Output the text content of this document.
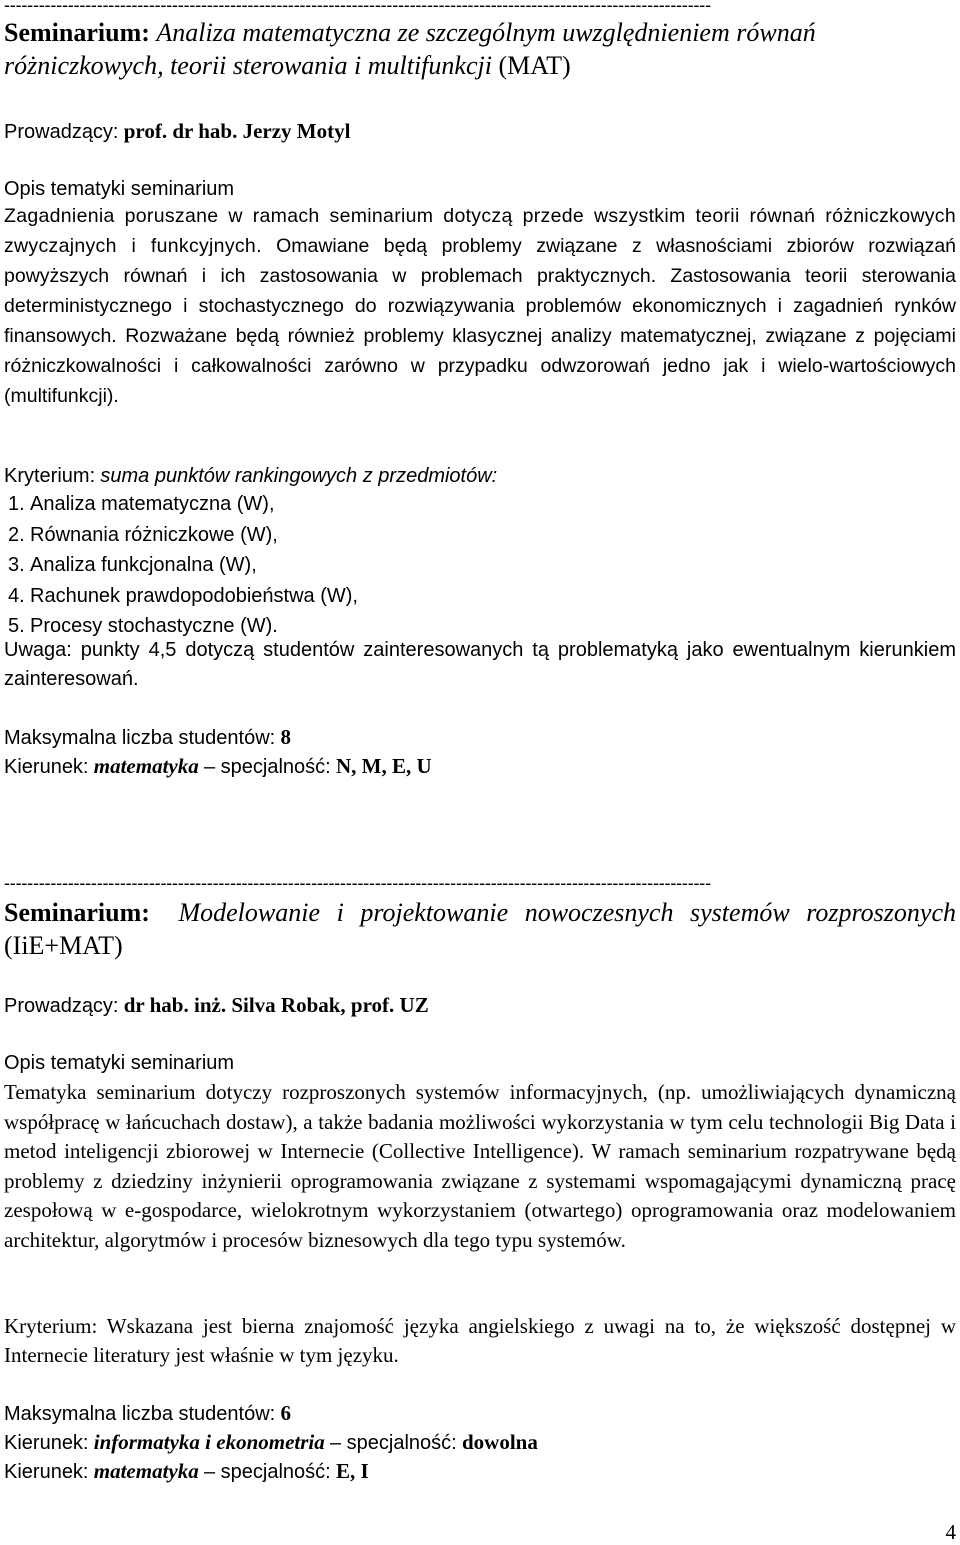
--------------------------------------------------------------------------------------------------------------------------
Seminarium: Analiza matematyczna ze szczególnym uwzględnieniem równań różniczkowych, teorii sterowania i multifunkcji (MAT)
Prowadzący: prof. dr hab. Jerzy Motyl
Opis tematyki seminarium

Zagadnienia poruszane w ramach seminarium dotyczą przede wszystkim teorii równań różniczkowych zwyczajnych i funkcyjnych. Omawiane będą problemy związane z własnościami zbiorów rozwiązań powyższych równań i ich zastosowania w problemach praktycznych. Zastosowania teorii sterowania deterministycznego i stochastycznego do rozwiązywania problemów ekonomicznych i zagadnień rynków finansowych. Rozważane będą również problemy klasycznej analizy matematycznej, związane z pojęciami różniczkowalności i całkowalności zarówno w przypadku odwzorowań jedno jak i wielo-wartościowych (multifunkcji).

Kryterium: suma punktów rankingowych z przedmiotów:
1. Analiza matematyczna (W),
2. Równania różniczkowe (W),
3. Analiza funkcjonalna (W),
4. Rachunek prawdopodobieństwa (W),
5. Procesy stochastyczne (W).

Uwaga: punkty 4,5 dotyczą studentów zainteresowanych tą problematyką jako ewentualnym kierunkiem zainteresowań.

Maksymalna liczba studentów: 8
Kierunek: matematyka – specjalność: N, M, E, U
--------------------------------------------------------------------------------------------------------------------------
Seminarium: Modelowanie i projektowanie nowoczesnych systemów rozproszonych (IiE+MAT)
Prowadzący: dr hab. inż. Silva Robak, prof. UZ
Opis tematyki seminarium

Tematyka seminarium dotyczy rozproszonych systemów informacyjnych, (np. umożliwiających dynamiczną współpracę w łańcuchach dostaw), a także badania możliwości wykorzystania w tym celu technologii Big Data i metod inteligencji zbiorowej w Internecie (Collective Intelligence). W ramach seminarium rozpatrywane będą problemy z dziedziny inżynierii oprogramowania związane z systemami wspomagającymi dynamiczną pracę zespołową w e-gospodarce, wielokrotnym wykorzystaniem (otwartego) oprogramowania oraz modelowaniem architektur, algorytmów i procesów biznesowych dla tego typu systemów.

Kryterium: Wskazana jest bierna znajomość języka angielskiego z uwagi na to, że większość dostępnej w Internecie literatury jest właśnie w tym języku.

Maksymalna liczba studentów: 6
Kierunek: informatyka i ekonometria – specjalność: dowolna
Kierunek: matematyka – specjalność: E, I
4
